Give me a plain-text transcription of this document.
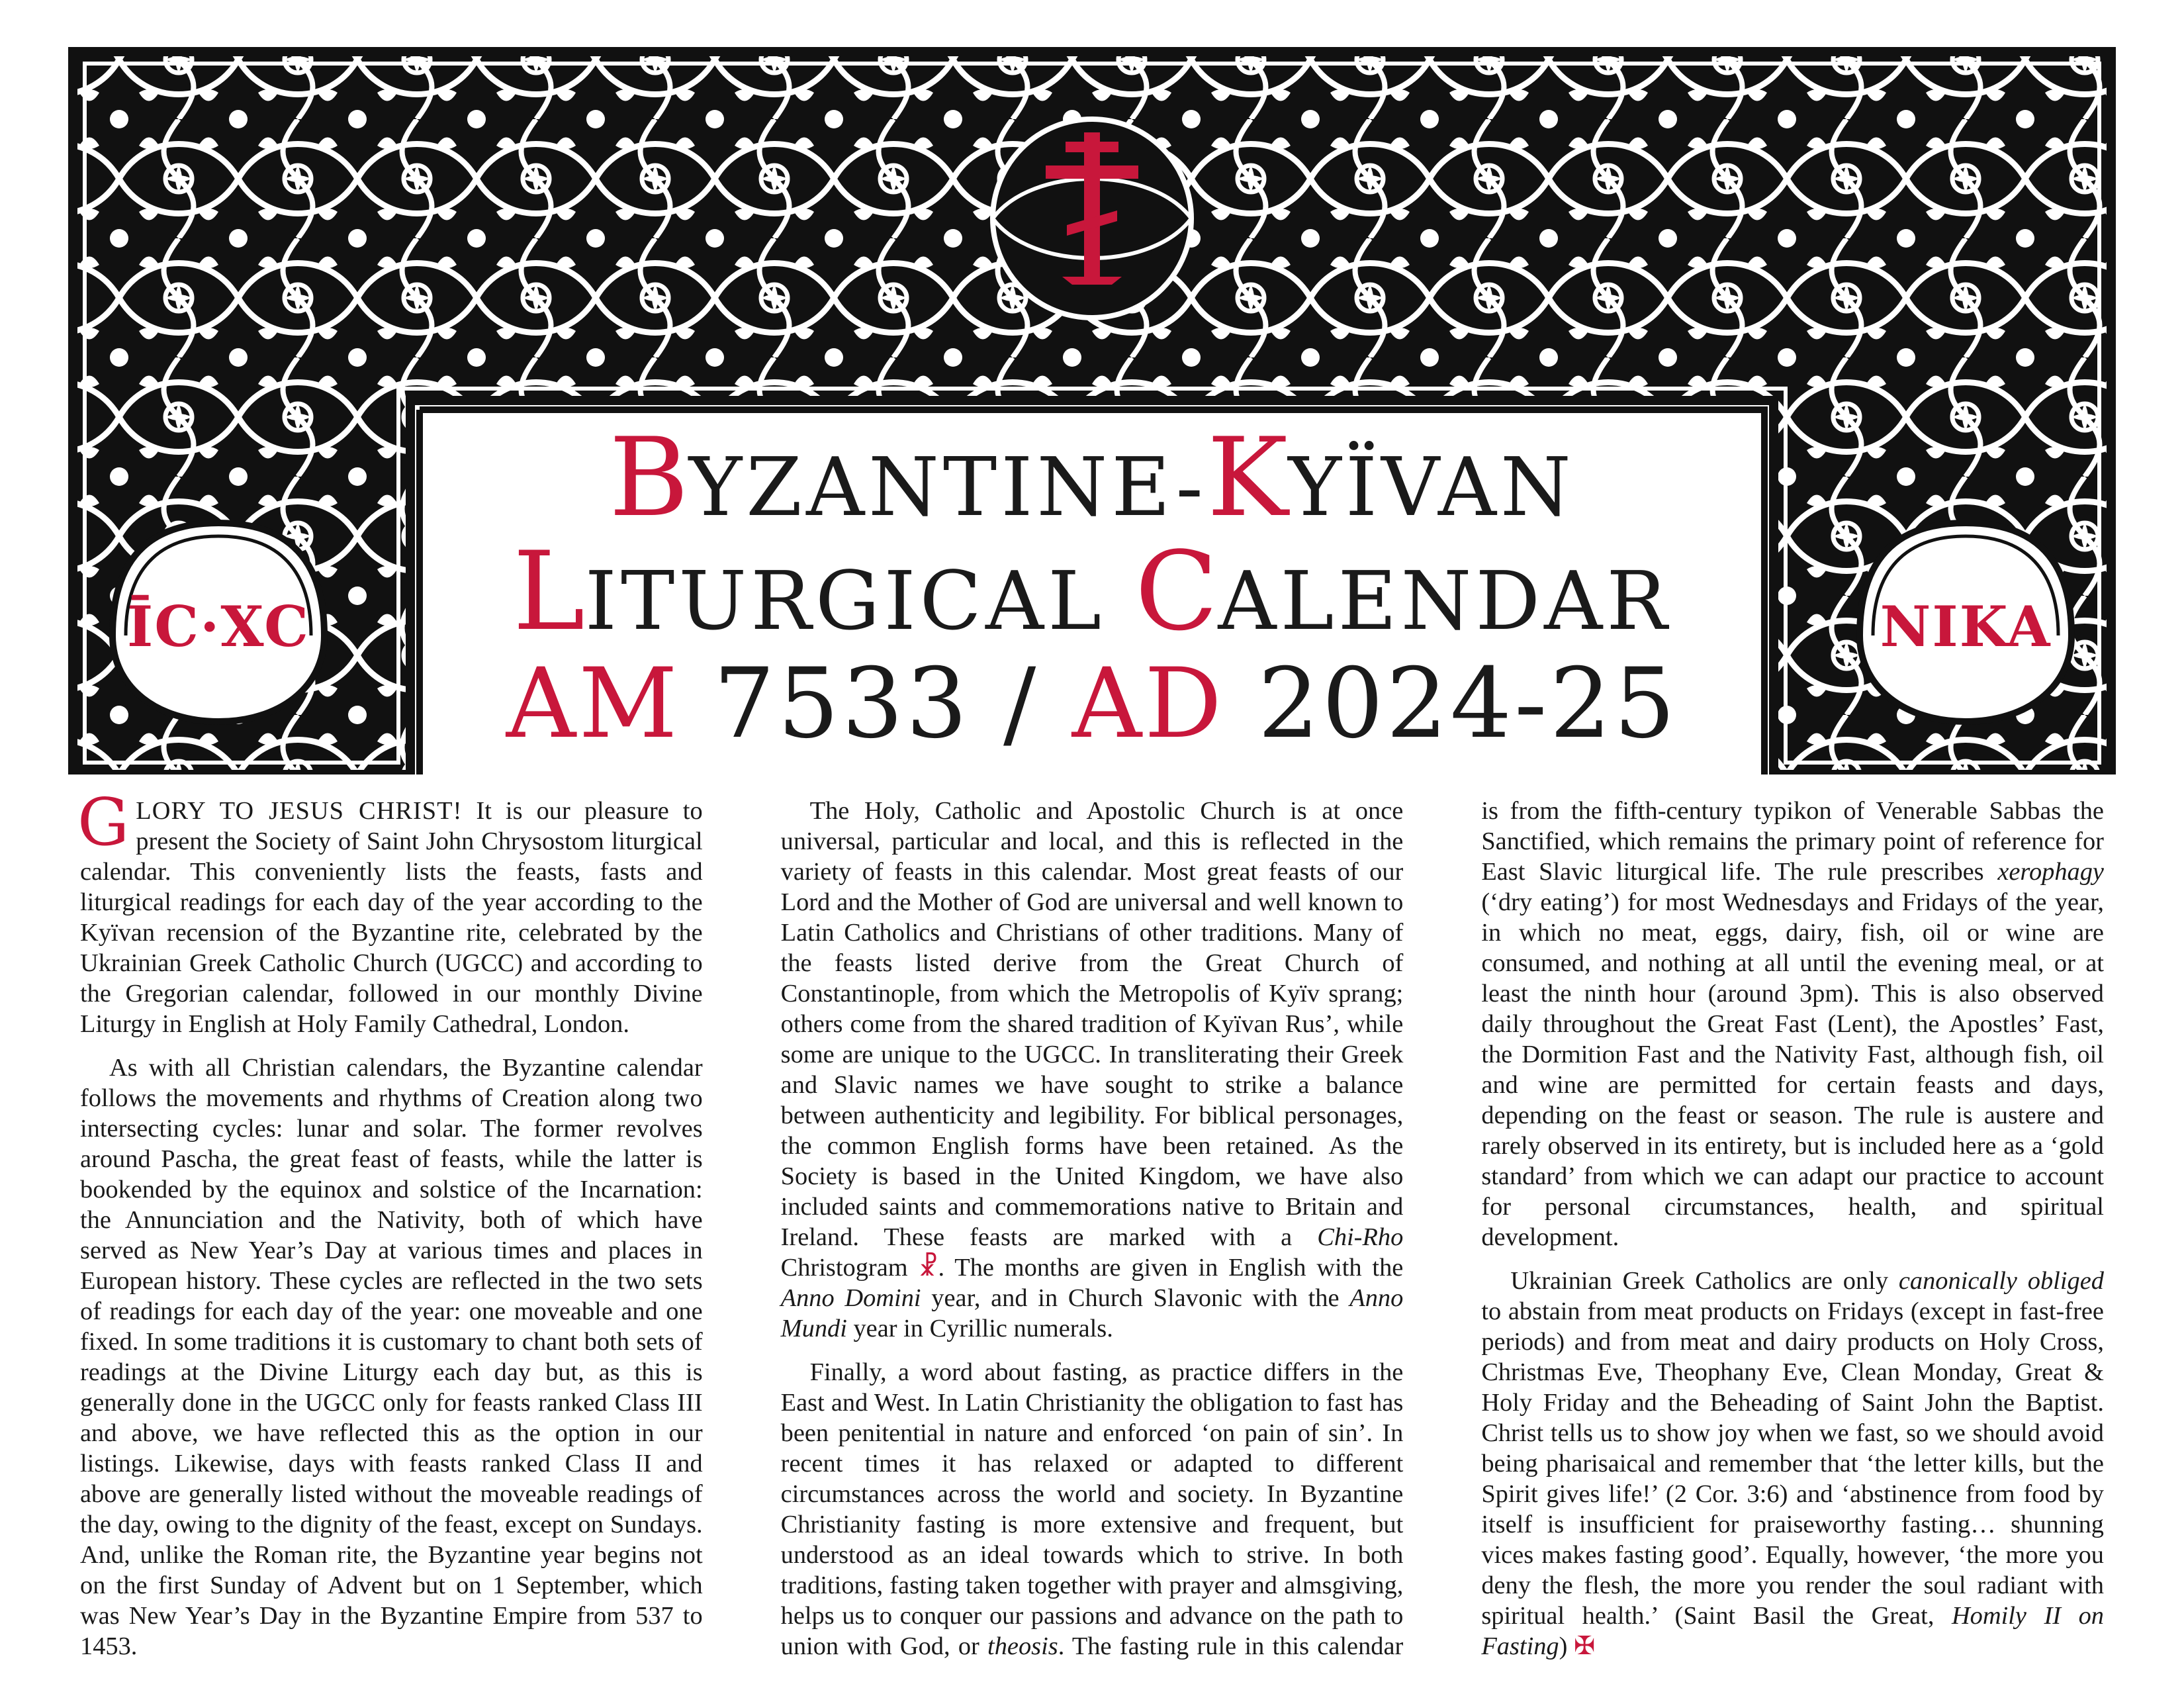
ĪC·XC	NIKA
BYZANTINE-KYÏVAN
LITURGICAL CALENDAR
AM 7533 / AD 2024-25

GLORY TO JESUS CHRIST! It is our pleasure to present the Society of Saint John Chrysostom liturgical calendar. This conveniently lists the feasts, fasts and liturgical readings for each day of the year according to the Kyïvan recension of the Byzantine rite, celebrated by the Ukrainian Greek Catholic Church (UGCC) and according to the Gregorian calendar, followed in our monthly Divine Liturgy in English at Holy Family Cathedral, London.

As with all Christian calendars, the Byzantine calendar follows the movements and rhythms of Creation along two intersecting cycles: lunar and solar. The former revolves around Pascha, the great feast of feasts, while the latter is bookended by the equinox and solstice of the Incarnation: the Annunciation and the Nativity, both of which have served as New Year’s Day at various times and places in European history. These cycles are reflected in the two sets of readings for each day of the year: one moveable and one fixed. In some traditions it is customary to chant both sets of readings at the Divine Liturgy each day but, as this is generally done in the UGCC only for feasts ranked Class III and above, we have reflected this as the option in our listings. Likewise, days with feasts ranked Class II and above are generally listed without the moveable readings of the day, owing to the dignity of the feast, except on Sundays. And, unlike the Roman rite, the Byzantine year begins not on the first Sunday of Advent but on 1 September, which was New Year’s Day in the Byzantine Empire from 537 to 1453.

The Holy, Catholic and Apostolic Church is at once universal, particular and local, and this is reflected in the variety of feasts in this calendar. Most great feasts of our Lord and the Mother of God are universal and well known to Latin Catholics and Christians of other traditions. Many of the feasts listed derive from the Great Church of Constantinople, from which the Metropolis of Kyïv sprang; others come from the shared tradition of Kyïvan Rus’, while some are unique to the UGCC. In transliterating their Greek and Slavic names we have sought to strike a balance between authenticity and legibility. For biblical personages, the common English forms have been retained. As the Society is based in the United Kingdom, we have also included saints and commemorations native to Britain and Ireland. These feasts are marked with a Chi-Rho Christogram ☧. The months are given in English with the Anno Domini year, and in Church Slavonic with the Anno Mundi year in Cyrillic numerals.

Finally, a word about fasting, as practice differs in the East and West. In Latin Christianity the obligation to fast has been penitential in nature and enforced ‘on pain of sin’. In recent times it has relaxed or adapted to different circumstances across the world and society. In Byzantine Christianity fasting is more extensive and frequent, but understood as an ideal towards which to strive. In both traditions, fasting taken together with prayer and almsgiving, helps us to conquer our passions and advance on the path to union with God, or theosis. The fasting rule in this calendar is from the fifth-century typikon of Venerable Sabbas the Sanctified, which remains the primary point of reference for East Slavic liturgical life. The rule prescribes xerophagy (‘dry eating’) for most Wednesdays and Fridays of the year, in which no meat, eggs, dairy, fish, oil or wine are consumed, and nothing at all until the evening meal, or at least the ninth hour (around 3pm). This is also observed daily throughout the Great Fast (Lent), the Apostles’ Fast, the Dormition Fast and the Nativity Fast, although fish, oil and wine are permitted for certain feasts and days, depending on the feast or season. The rule is austere and rarely observed in its entirety, but is included here as a ‘gold standard’ from which we can adapt our practice to account for personal circumstances, health, and spiritual development.

Ukrainian Greek Catholics are only canonically obliged to abstain from meat products on Fridays (except in fast-free periods) and from meat and dairy products on Holy Cross, Christmas Eve, Theophany Eve, Clean Monday, Great & Holy Friday and the Beheading of Saint John the Baptist. Christ tells us to show joy when we fast, so we should avoid being pharisaical and remember that ‘the letter kills, but the Spirit gives life!’ (2 Cor. 3:6) and ‘abstinence from food by itself is insufficient for praiseworthy fasting… shunning vices makes fasting good’. Equally, however, ‘the more you deny the flesh, the more you render the soul radiant with spiritual health.’ (Saint Basil the Great, Homily II on Fasting) ✠
